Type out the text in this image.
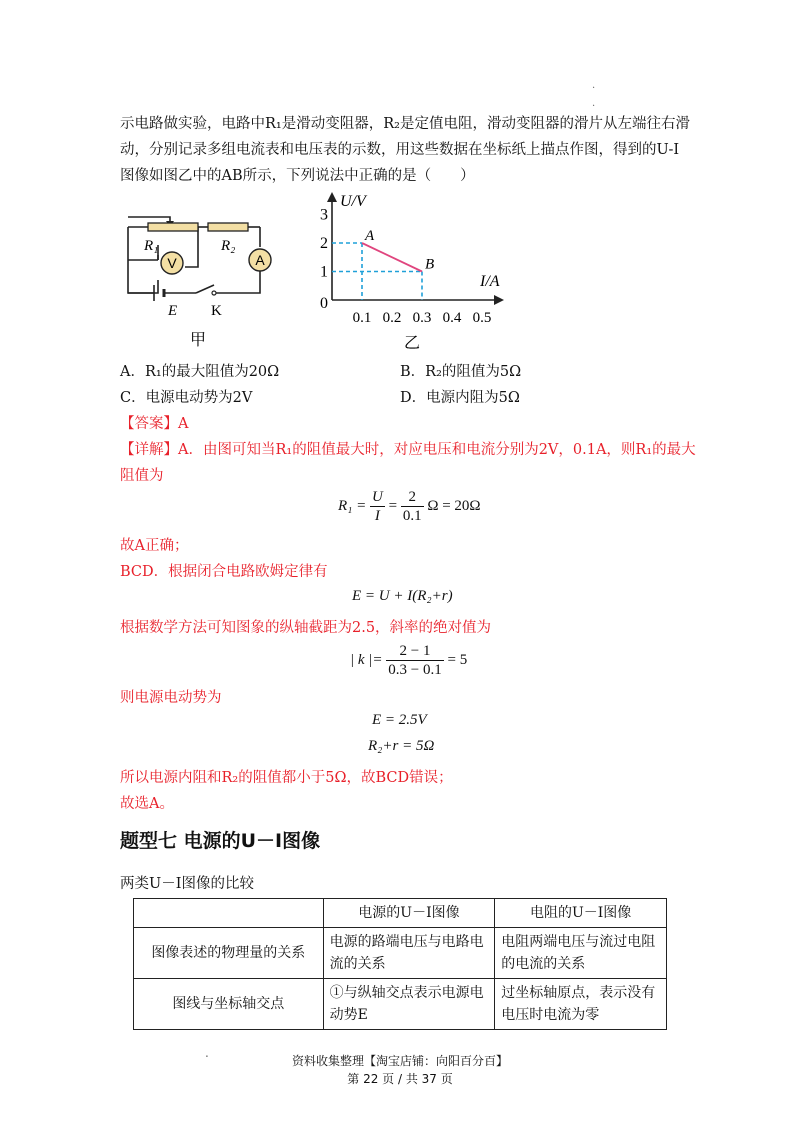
.
.
示电路做实验，电路中R₁是滑动变阻器，R₂是定值电阻，滑动变阻器的滑片从左端往右滑
动，分别记录多组电流表和电压表的示数，用这些数据在坐标纸上描点作图，得到的U-I
图像如图乙中的AB所示，下列说法中正确的是（　　）
V	A
R₁	R₂
E K
甲
U/V
I/A
0
0.1 0.2 0.3 0.4 0.5
1
2
3
A
B
乙
A．R₁的最大阻值为20Ω	B．R₂的阻值为5Ω
C．电源电动势为2V	D．电源内阻为5Ω
【答案】A
【详解】A．由图可知当R₁的阻值最大时，对应电压和电流分别为2V，0.1A，则R₁的最大
阻值为
$R_1 = \frac{U}{I} = \frac{2}{0.1}$ Ω = 20Ω
故A正确；
BCD．根据闭合电路欧姆定律有
E = U + I(R₂+r)
根据数学方法可知图象的纵轴截距为2.5，斜率的绝对值为
| k |= $\frac{2 - 1}{0.3 - 0.1} = 5$
则电源电动势为
E = 2.5V
R₂+r = 5Ω
所以电源内阻和R₂的阻值都小于5Ω，故BCD错误；
故选A。
题型七 电源的U－I图像
两类U－I图像的比较
	电源的U－I图像	电阻的U－I图像
图像表述的物理量的关系	电源的路端电压与电路电流的关系	电阻两端电压与流过电阻的电流的关系
图线与坐标轴交点	①与纵轴交点表示电源电动势E	过坐标轴原点，表示没有电压时电流为零
.
资料收集整理【淘宝店铺：向阳百分百】
第 22 页 / 共 37 页
